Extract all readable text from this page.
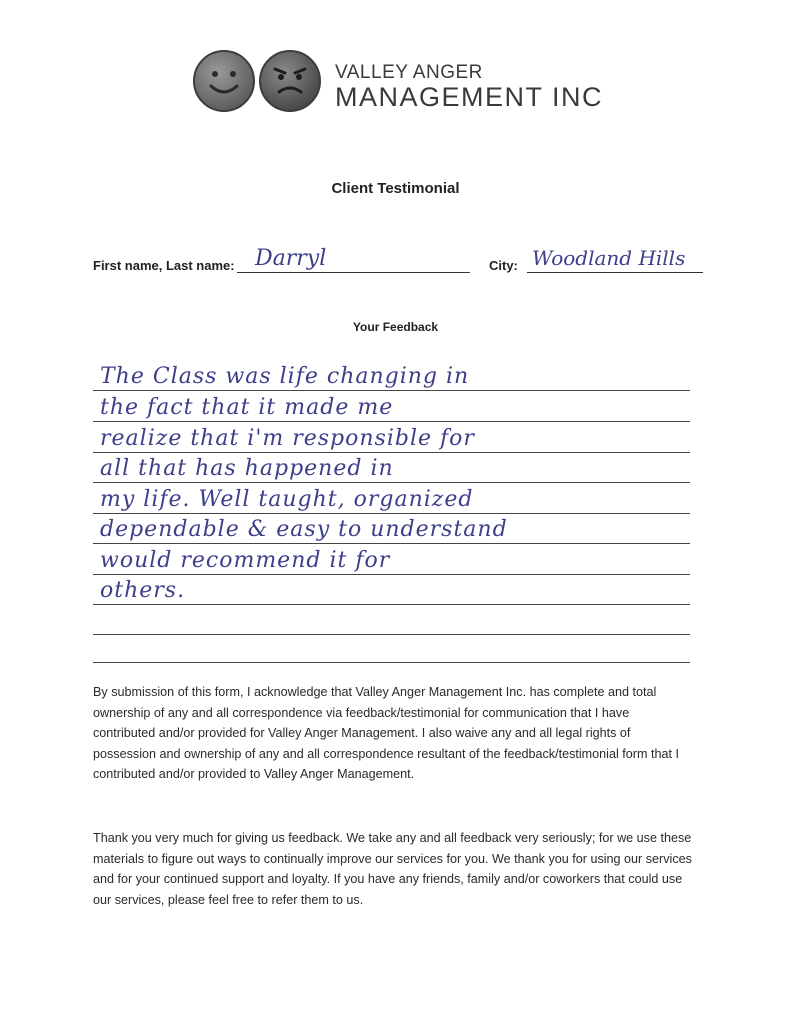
VALLEY ANGER
MANAGEMENT INC
Client Testimonial
First name, Last name: Darryl	City: Woodland Hills
Your Feedback
The Class was life changing in
the fact that it made me
realize that i'm responsible for
all that has happened in
my life. Well taught, organized
dependable & easy to understand
would recommend it for
others.
By submission of this form, I acknowledge that Valley Anger Management Inc. has complete and total ownership of any and all correspondence via feedback/testimonial for communication that I have contributed and/or provided for Valley Anger Management. I also waive any and all legal rights of possession and ownership of any and all correspondence resultant of the feedback/testimonial form that I contributed and/or provided to Valley Anger Management.
Thank you very much for giving us feedback. We take any and all feedback very seriously; for we use these materials to figure out ways to continually improve our services for you. We thank you for using our services and for your continued support and loyalty. If you have any friends, family and/or coworkers that could use our services, please feel free to refer them to us.
